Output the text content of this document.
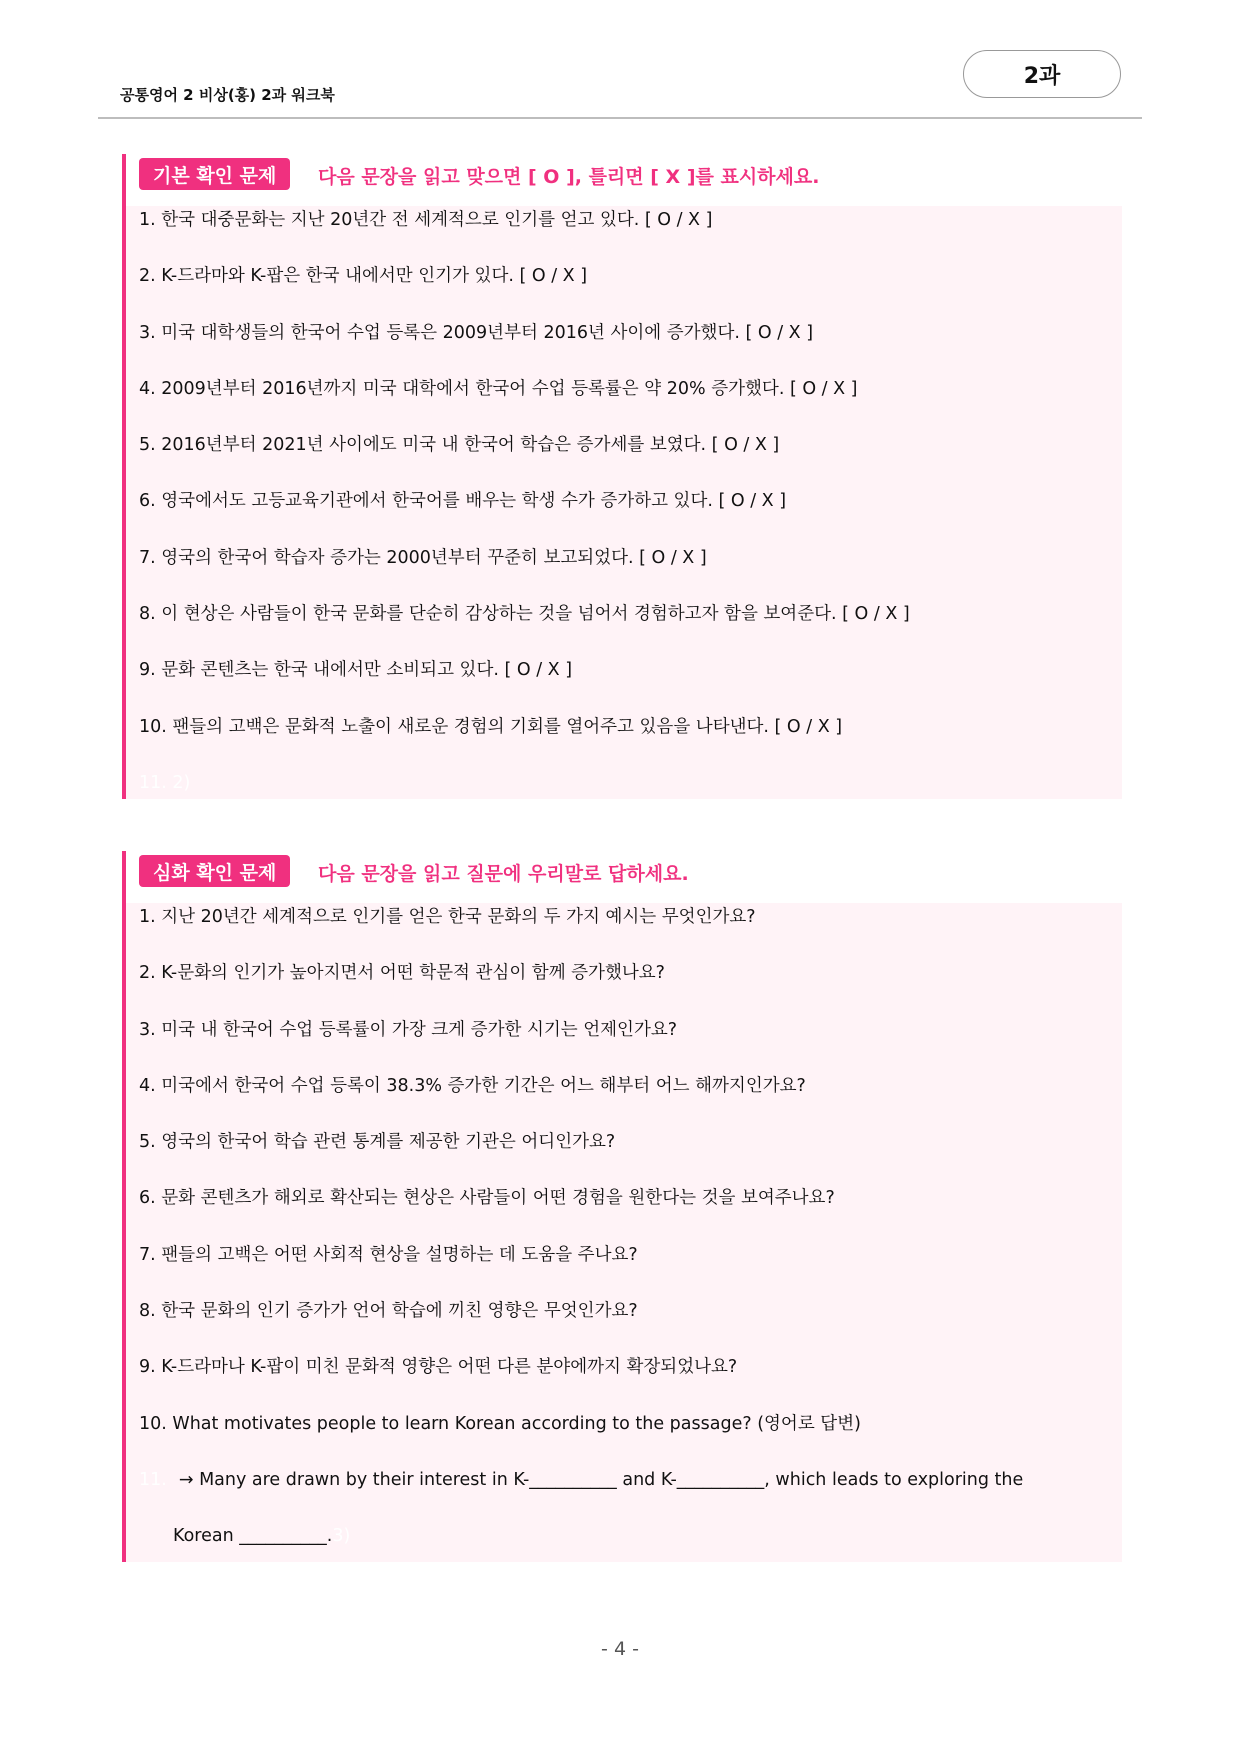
공통영어 2 비상(홍) 2과 워크북
2과
기본 확인 문제	다음 문장을 읽고 맞으면 [ O ], 틀리면 [ X ]를 표시하세요.
1. 한국 대중문화는 지난 20년간 전 세계적으로 인기를 얻고 있다. [ O / X ]
2. K-드라마와 K-팝은 한국 내에서만 인기가 있다. [ O / X ]
3. 미국 대학생들의 한국어 수업 등록은 2009년부터 2016년 사이에 증가했다. [ O / X ]
4. 2009년부터 2016년까지 미국 대학에서 한국어 수업 등록률은 약 20% 증가했다. [ O / X ]
5. 2016년부터 2021년 사이에도 미국 내 한국어 학습은 증가세를 보였다. [ O / X ]
6. 영국에서도 고등교육기관에서 한국어를 배우는 학생 수가 증가하고 있다. [ O / X ]
7. 영국의 한국어 학습자 증가는 2000년부터 꾸준히 보고되었다. [ O / X ]
8. 이 현상은 사람들이 한국 문화를 단순히 감상하는 것을 넘어서 경험하고자 함을 보여준다. [ O / X ]
9. 문화 콘텐츠는 한국 내에서만 소비되고 있다. [ O / X ]
10. 팬들의 고백은 문화적 노출이 새로운 경험의 기회를 열어주고 있음을 나타낸다. [ O / X ]
11. 2)
심화 확인 문제	다음 문장을 읽고 질문에 우리말로 답하세요.
1. 지난 20년간 세계적으로 인기를 얻은 한국 문화의 두 가지 예시는 무엇인가요?
2. K-문화의 인기가 높아지면서 어떤 학문적 관심이 함께 증가했나요?
3. 미국 내 한국어 수업 등록률이 가장 크게 증가한 시기는 언제인가요?
4. 미국에서 한국어 수업 등록이 38.3% 증가한 기간은 어느 해부터 어느 해까지인가요?
5. 영국의 한국어 학습 관련 통계를 제공한 기관은 어디인가요?
6. 문화 콘텐츠가 해외로 확산되는 현상은 사람들이 어떤 경험을 원한다는 것을 보여주나요?
7. 팬들의 고백은 어떤 사회적 현상을 설명하는 데 도움을 주나요?
8. 한국 문화의 인기 증가가 언어 학습에 끼친 영향은 무엇인가요?
9. K-드라마나 K-팝이 미친 문화적 영향은 어떤 다른 분야에까지 확장되었나요?
10. What motivates people to learn Korean according to the passage? (영어로 답변)
11. → Many are drawn by their interest in K-__________ and K-__________, which leads to exploring the
Korean __________.3)
- 4 -
